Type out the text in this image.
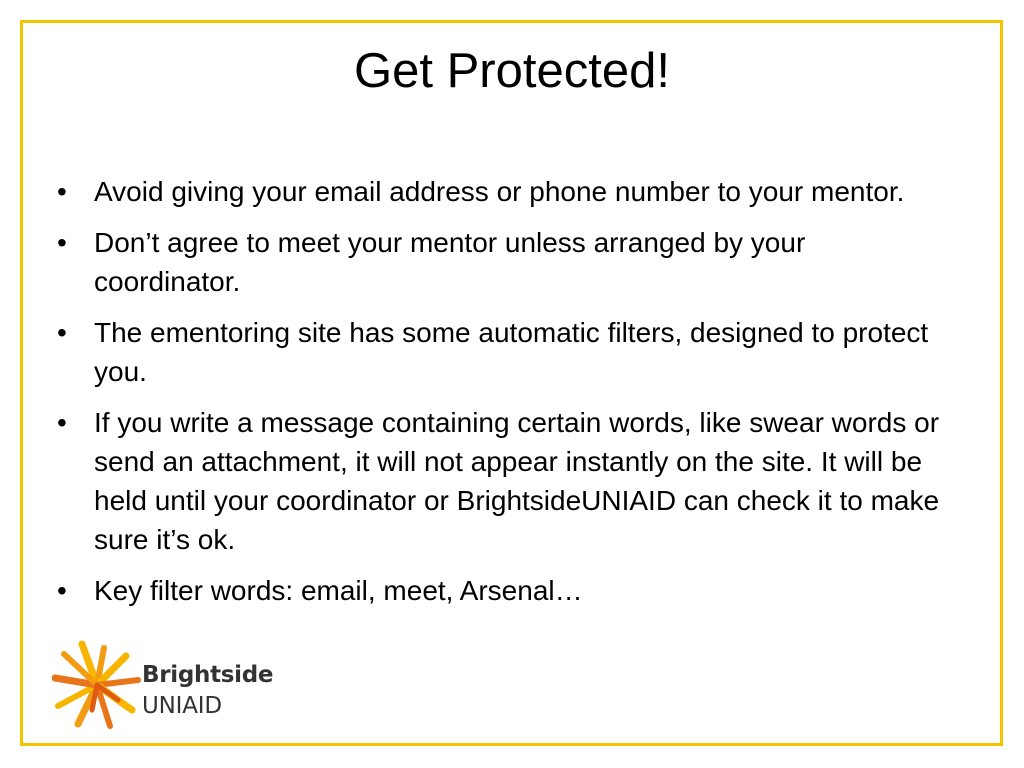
Get Protected!
• Avoid giving your email address or phone number to your mentor.
• Don’t agree to meet your mentor unless arranged by your coordinator.
• The ementoring site has some automatic filters, designed to protect you.
• If you write a message containing certain words, like swear words or send an attachment, it will not appear instantly on the site. It will be held until your coordinator or BrightsideUNIAID can check it to make sure it’s ok.
• Key filter words: email, meet, Arsenal…
Brightside
UNIAID
